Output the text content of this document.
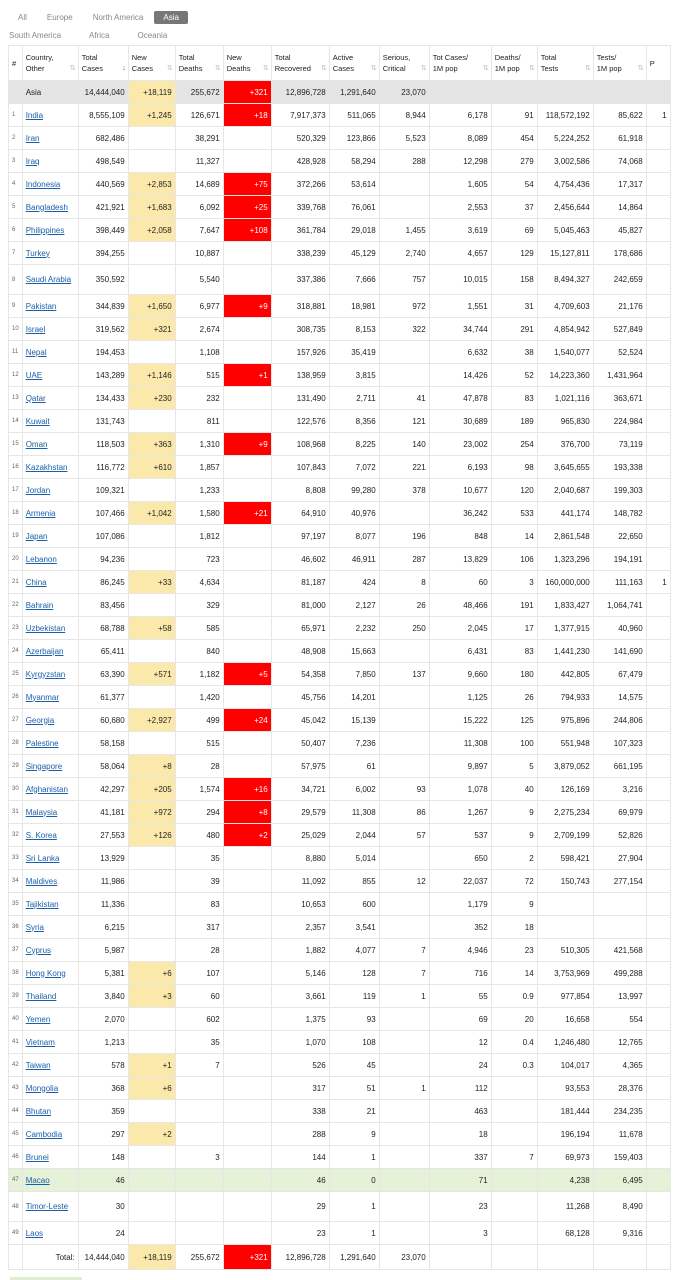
All	Europe	North America	Asia
South America	Africa	Oceania
#	Country, Other ⇅	Total Cases ↓	New Cases ⇅	Total Deaths ⇅	New Deaths ⇅	Total Recovered ⇅	Active Cases ⇅	Serious, Critical ⇅	Tot Cases/ 1M pop ⇅	Deaths/ 1M pop ⇅	Total Tests ⇅	Tests/ 1M pop ⇅	P
	Asia	14,444,040	+18,119	255,672	+321	12,896,728	1,291,640	23,070					
1	India	8,555,109	+1,245	126,671	+18	7,917,373	511,065	8,944	6,178	91	118,572,192	85,622	1
2	Iran	682,486		38,291		520,329	123,866	5,523	8,089	454	5,224,252	61,918	
3	Iraq	498,549		11,327		428,928	58,294	288	12,298	279	3,002,586	74,068	
4	Indonesia	440,569	+2,853	14,689	+75	372,266	53,614		1,605	54	4,754,436	17,317	
5	Bangladesh	421,921	+1,683	6,092	+25	339,768	76,061		2,553	37	2,456,644	14,864	
6	Philippines	398,449	+2,058	7,647	+108	361,784	29,018	1,455	3,619	69	5,045,463	45,827	
7	Turkey	394,255		10,887		338,239	45,129	2,740	4,657	129	15,127,811	178,686	
8	Saudi Arabia	350,592		5,540		337,386	7,666	757	10,015	158	8,494,327	242,659	
9	Pakistan	344,839	+1,650	6,977	+9	318,881	18,981	972	1,551	31	4,709,603	21,176	
10	Israel	319,562	+321	2,674		308,735	8,153	322	34,744	291	4,854,942	527,849	
11	Nepal	194,453		1,108		157,926	35,419		6,632	38	1,540,077	52,524	
12	UAE	143,289	+1,146	515	+1	138,959	3,815		14,426	52	14,223,360	1,431,964	
13	Qatar	134,433	+230	232		131,490	2,711	41	47,878	83	1,021,116	363,671	
14	Kuwait	131,743		811		122,576	8,356	121	30,689	189	965,830	224,984	
15	Oman	118,503	+363	1,310	+9	108,968	8,225	140	23,002	254	376,700	73,119	
16	Kazakhstan	116,772	+610	1,857		107,843	7,072	221	6,193	98	3,645,655	193,338	
17	Jordan	109,321		1,233		8,808	99,280	378	10,677	120	2,040,687	199,303	
18	Armenia	107,466	+1,042	1,580	+21	64,910	40,976		36,242	533	441,174	148,782	
19	Japan	107,086		1,812		97,197	8,077	196	848	14	2,861,548	22,650	
20	Lebanon	94,236		723		46,602	46,911	287	13,829	106	1,323,296	194,191	
21	China	86,245	+33	4,634		81,187	424	8	60	3	160,000,000	111,163	1
22	Bahrain	83,456		329		81,000	2,127	26	48,466	191	1,833,427	1,064,741	
23	Uzbekistan	68,788	+58	585		65,971	2,232	250	2,045	17	1,377,915	40,960	
24	Azerbaijan	65,411		840		48,908	15,663		6,431	83	1,441,230	141,690	
25	Kyrgyzstan	63,390	+571	1,182	+5	54,358	7,850	137	9,660	180	442,805	67,479	
26	Myanmar	61,377		1,420		45,756	14,201		1,125	26	794,933	14,575	
27	Georgia	60,680	+2,927	499	+24	45,042	15,139		15,222	125	975,896	244,806	
28	Palestine	58,158		515		50,407	7,236		11,308	100	551,948	107,323	
29	Singapore	58,064	+8	28		57,975	61		9,897	5	3,879,052	661,195	
30	Afghanistan	42,297	+205	1,574	+16	34,721	6,002	93	1,078	40	126,169	3,216	
31	Malaysia	41,181	+972	294	+8	29,579	11,308	86	1,267	9	2,275,234	69,979	
32	S. Korea	27,553	+126	480	+2	25,029	2,044	57	537	9	2,709,199	52,826	
33	Sri Lanka	13,929		35		8,880	5,014		650	2	598,421	27,904	
34	Maldives	11,986		39		11,092	855	12	22,037	72	150,743	277,154	
35	Tajikistan	11,336		83		10,653	600		1,179	9			
36	Syria	6,215		317		2,357	3,541		352	18			
37	Cyprus	5,987		28		1,882	4,077	7	4,946	23	510,305	421,568	
38	Hong Kong	5,381	+6	107		5,146	128	7	716	14	3,753,969	499,288	
39	Thailand	3,840	+3	60		3,661	119	1	55	0.9	977,854	13,997	
40	Yemen	2,070		602		1,375	93		69	20	16,658	554	
41	Vietnam	1,213		35		1,070	108		12	0.4	1,246,480	12,765	
42	Taiwan	578	+1	7		526	45		24	0.3	104,017	4,365	
43	Mongolia	368	+6			317	51	1	112		93,553	28,376	
44	Bhutan	359				338	21		463		181,444	234,235	
45	Cambodia	297	+2			288	9		18		196,194	11,678	
46	Brunei	148		3		144	1		337	7	69,973	159,403	
47	Macao	46				46	0		71		4,238	6,495	
48	Timor-Leste	30				29	1		23		11,268	8,490	
49	Laos	24				23	1		3		68,128	9,316	
	Total:	14,444,040	+18,119	255,672	+321	12,896,728	1,291,640	23,070					
